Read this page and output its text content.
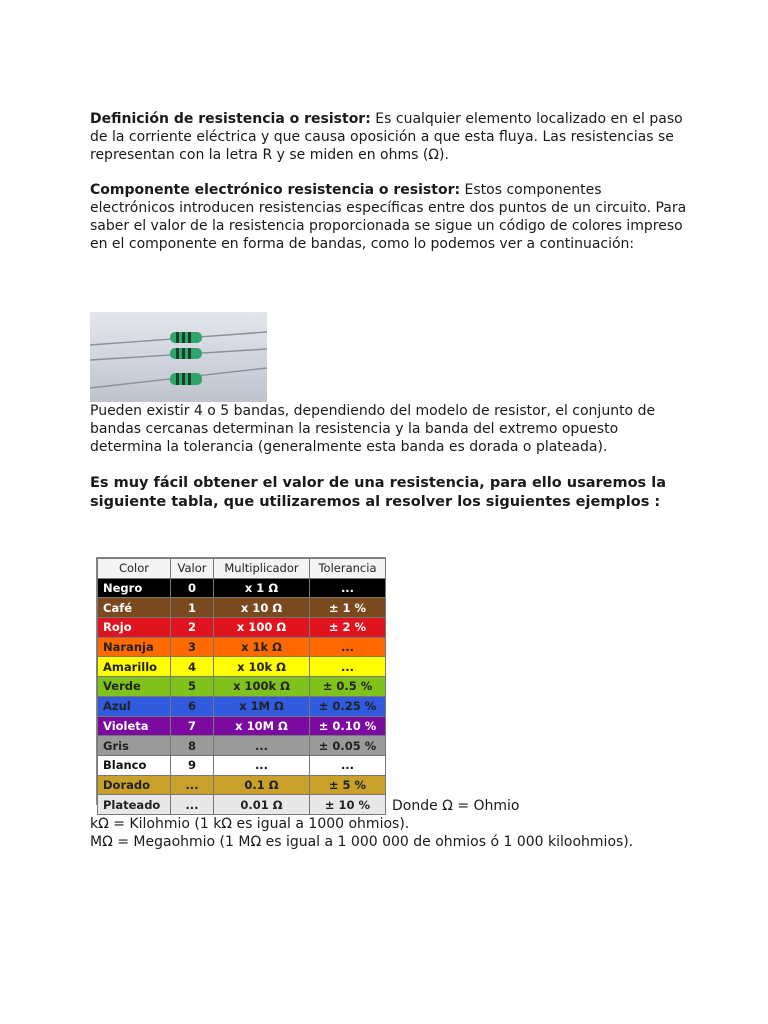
Definición de resistencia o resistor: Es cualquier elemento localizado en el paso de la corriente eléctrica y que causa oposición a que esta fluya. Las resistencias se representan con la letra R y se miden en ohms (Ω).

Componente electrónico resistencia o resistor: Estos componentes electrónicos introducen resistencias específicas entre dos puntos de un circuito. Para saber el valor de la resistencia proporcionada se sigue un código de colores impreso en el componente en forma de bandas, como lo podemos ver a continuación:

Pueden existir 4 o 5 bandas, dependiendo del modelo de resistor, el conjunto de bandas cercanas determinan la resistencia y la banda del extremo opuesto determina la tolerancia (generalmente esta banda es dorada o plateada).

Es muy fácil obtener el valor de una resistencia, para ello usaremos la siguiente tabla, que utilizaremos al resolver los siguientes ejemplos :

Color	Valor	Multiplicador	Tolerancia
Negro	0	x 1 Ω	...
Café	1	x 10 Ω	± 1 %
Rojo	2	x 100 Ω	± 2 %
Naranja	3	x 1k Ω	...
Amarillo	4	x 10k Ω	...
Verde	5	x 100k Ω	± 0.5 %
Azul	6	x 1M Ω	± 0.25 %
Violeta	7	x 10M Ω	± 0.10 %
Gris	8	...	± 0.05 %
Blanco	9	...	...
Dorado	...	0.1 Ω	± 5 %
Plateado	...	0.01 Ω	± 10 % Donde Ω = Ohmio

kΩ = Kilohmio (1 kΩ es igual a 1000 ohmios).
MΩ = Megaohmio (1 MΩ es igual a 1 000 000 de ohmios ó 1 000 kiloohmios).
